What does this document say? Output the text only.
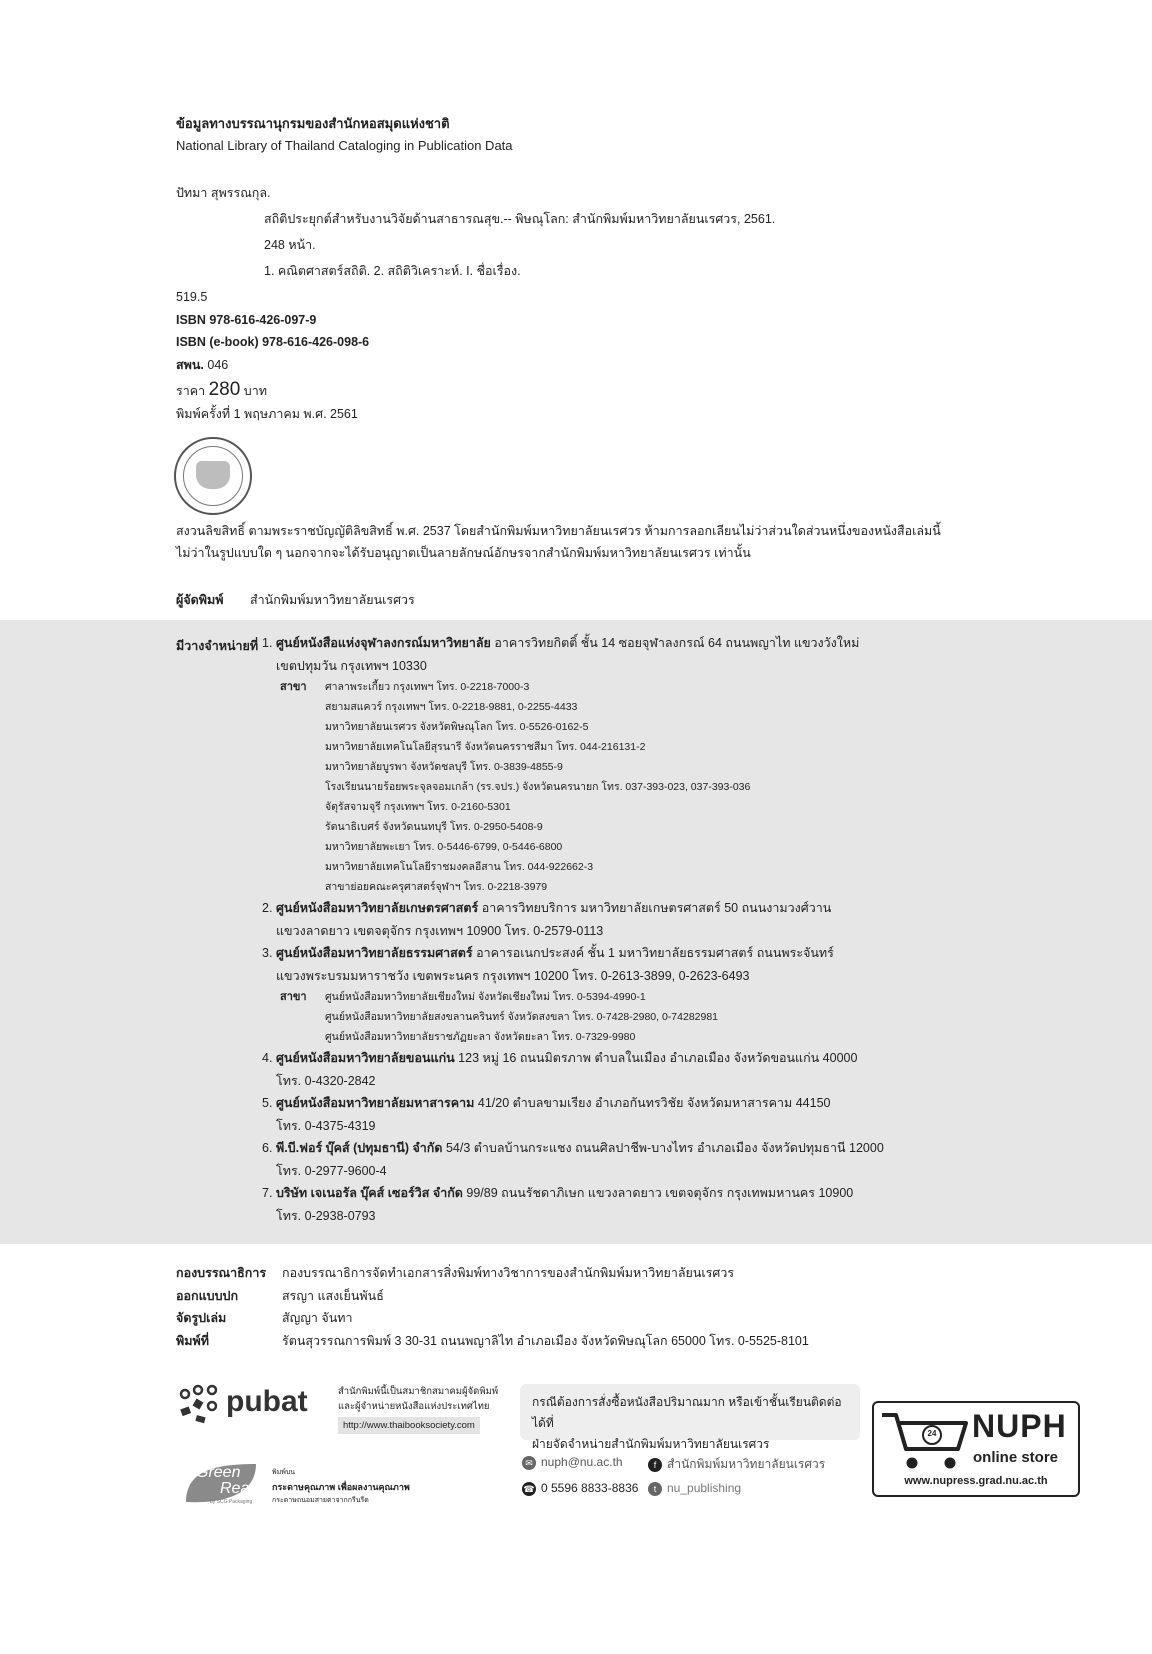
ข้อมูลทางบรรณานุกรมของสำนักหอสมุดแห่งชาติ
National Library of Thailand Cataloging in Publication Data
ปัทมา สุพรรณกุล.
สถิติประยุกต์สำหรับงานวิจัยด้านสาธารณสุข.-- พิษณุโลก: สำนักพิมพ์มหาวิทยาลัยนเรศวร, 2561.
248 หน้า.
1. คณิตศาสตร์สถิติ. 2. สถิติวิเคราะห์. I. ชื่อเรื่อง.
519.5
ISBN 978-616-426-097-9
ISBN (e-book) 978-616-426-098-6
สพน. 046
ราคา 280 บาท
พิมพ์ครั้งที่ 1 พฤษภาคม พ.ศ. 2561
สงวนลิขสิทธิ์ ตามพระราชบัญญัติลิขสิทธิ์ พ.ศ. 2537 โดยสำนักพิมพ์มหาวิทยาลัยนเรศวร ห้ามการลอกเลียนไม่ว่าส่วนใดส่วนหนึ่งของหนังสือเล่มนี้
ไม่ว่าในรูปแบบใด ๆ นอกจากจะได้รับอนุญาตเป็นลายลักษณ์อักษรจากสำนักพิมพ์มหาวิทยาลัยนเรศวร เท่านั้น
ผู้จัดพิมพ์ สำนักพิมพ์มหาวิทยาลัยนเรศวร
มีวางจำหน่ายที่ 1. ศูนย์หนังสือแห่งจุฬาลงกรณ์มหาวิทยาลัย อาคารวิทยกิตติ์ ชั้น 14 ซอยจุฬาลงกรณ์ 64 ถนนพญาไท แขวงวังใหม่
เขตปทุมวัน กรุงเทพฯ 10330
สาขา ศาลาพระเกี้ยว กรุงเทพฯ โทร. 0-2218-7000-3
สยามสแควร์ กรุงเทพฯ โทร. 0-2218-9881, 0-2255-4433
มหาวิทยาลัยนเรศวร จังหวัดพิษณุโลก โทร. 0-5526-0162-5
มหาวิทยาลัยเทคโนโลยีสุรนารี จังหวัดนครราชสีมา โทร. 044-216131-2
มหาวิทยาลัยบูรพา จังหวัดชลบุรี โทร. 0-3839-4855-9
โรงเรียนนายร้อยพระจุลจอมเกล้า (รร.จปร.) จังหวัดนครนายก โทร. 037-393-023, 037-393-036
จัตุรัสจามจุรี กรุงเทพฯ โทร. 0-2160-5301
รัตนาธิเบศร์ จังหวัดนนทบุรี โทร. 0-2950-5408-9
มหาวิทยาลัยพะเยา โทร. 0-5446-6799, 0-5446-6800
มหาวิทยาลัยเทคโนโลยีราชมงคลอีสาน โทร. 044-922662-3
สาขาย่อยคณะครุศาสตร์จุฬาฯ โทร. 0-2218-3979
2. ศูนย์หนังสือมหาวิทยาลัยเกษตรศาสตร์ อาคารวิทยบริการ มหาวิทยาลัยเกษตรศาสตร์ 50 ถนนงามวงศ์วาน
แขวงลาดยาว เขตจตุจักร กรุงเทพฯ 10900 โทร. 0-2579-0113
3. ศูนย์หนังสือมหาวิทยาลัยธรรมศาสตร์ อาคารอเนกประสงค์ ชั้น 1 มหาวิทยาลัยธรรมศาสตร์ ถนนพระจันทร์
แขวงพระบรมมหาราชวัง เขตพระนคร กรุงเทพฯ 10200 โทร. 0-2613-3899, 0-2623-6493
สาขา ศูนย์หนังสือมหาวิทยาลัยเชียงใหม่ จังหวัดเชียงใหม่ โทร. 0-5394-4990-1
ศูนย์หนังสือมหาวิทยาลัยสงขลานครินทร์ จังหวัดสงขลา โทร. 0-7428-2980, 0-74282981
ศูนย์หนังสือมหาวิทยาลัยราชภัฏยะลา จังหวัดยะลา โทร. 0-7329-9980
4. ศูนย์หนังสือมหาวิทยาลัยขอนแก่น 123 หมู่ 16 ถนนมิตรภาพ ตำบลในเมือง อำเภอเมือง จังหวัดขอนแก่น 40000
โทร. 0-4320-2842
5. ศูนย์หนังสือมหาวิทยาลัยมหาสารคาม 41/20 ตำบลขามเรียง อำเภอกันทรวิชัย จังหวัดมหาสารคาม 44150
โทร. 0-4375-4319
6. พี.บี.ฟอร์ บุ๊คส์ (ปทุมธานี) จำกัด 54/3 ตำบลบ้านกระแชง ถนนศิลปาชีพ-บางไทร อำเภอเมือง จังหวัดปทุมธานี 12000
โทร. 0-2977-9600-4
7. บริษัท เจเนอรัล บุ๊คส์ เซอร์วิส จำกัด 99/89 ถนนรัชดาภิเษก แขวงลาดยาว เขตจตุจักร กรุงเทพมหานคร 10900
โทร. 0-2938-0793
กองบรรณาธิการ กองบรรณาธิการจัดทำเอกสารสิ่งพิมพ์ทางวิชาการของสำนักพิมพ์มหาวิทยาลัยนเรศวร
ออกแบบปก	สรญา แสงเย็นพันธ์
จัดรูปเล่ม	สัญญา จันทา
พิมพ์ที่	รัตนสุวรรณการพิมพ์ 3 30-31 ถนนพญาลิไท อำเภอเมือง จังหวัดพิษณุโลก 65000 โทร. 0-5525-8101
pubat	สำนักพิมพ์นี้เป็นสมาชิกสมาคมผู้จัดพิมพ์
และผู้จำหน่ายหนังสือแห่งประเทศไทย
http://www.thaibooksociety.com
Green
Read
by SCG Packaging
พิมพ์บน
กระดาษคุณภาพ เพื่อผลงานคุณภาพ
กระดาษถนอมสายตาจากกรีนรีด
กรณีต้องการสั่งซื้อหนังสือปริมาณมาก หรือเข้าชั้นเรียนติดต่อได้ที่
ฝ่ายจัดจำหน่ายสำนักพิมพ์มหาวิทยาลัยนเรศวร
✉ nuph@nu.ac.th	f สำนักพิมพ์มหาวิทยาลัยนเรศวร
☎ 0 5596 8833-8836	t nu_publishing
24 NUPH
online store
www.nupress.grad.nu.ac.th
